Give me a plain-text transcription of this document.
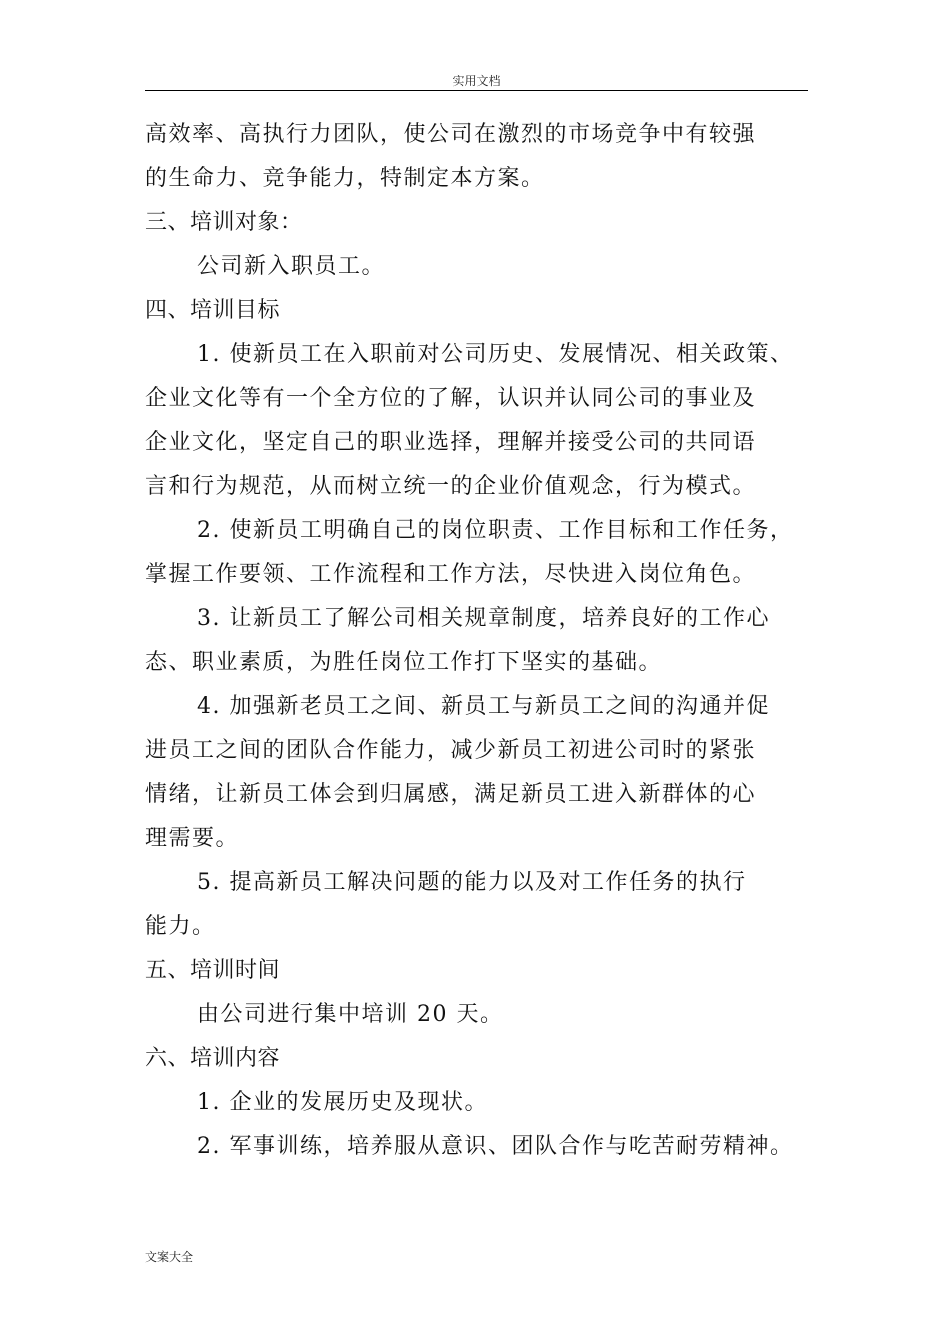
实用文档
高效率、高执行力团队，使公司在激烈的市场竞争中有较强
的生命力、竞争能力，特制定本方案。
三、培训对象：
公司新入职员工。
四、培训目标
1. 使新员工在入职前对公司历史、发展情况、相关政策、
企业文化等有一个全方位的了解，认识并认同公司的事业及
企业文化，坚定自己的职业选择，理解并接受公司的共同语
言和行为规范，从而树立统一的企业价值观念，行为模式。
2. 使新员工明确自己的岗位职责、工作目标和工作任务，
掌握工作要领、工作流程和工作方法，尽快进入岗位角色。
3. 让新员工了解公司相关规章制度，培养良好的工作心
态、职业素质，为胜任岗位工作打下坚实的基础。
4. 加强新老员工之间、新员工与新员工之间的沟通并促
进员工之间的团队合作能力，减少新员工初进公司时的紧张
情绪，让新员工体会到归属感，满足新员工进入新群体的心
理需要。
5. 提高新员工解决问题的能力以及对工作任务的执行
能力。
五、培训时间
由公司进行集中培训 20 天。
六、培训内容
1. 企业的发展历史及现状。
2. 军事训练，培养服从意识、团队合作与吃苦耐劳精神。
文案大全
